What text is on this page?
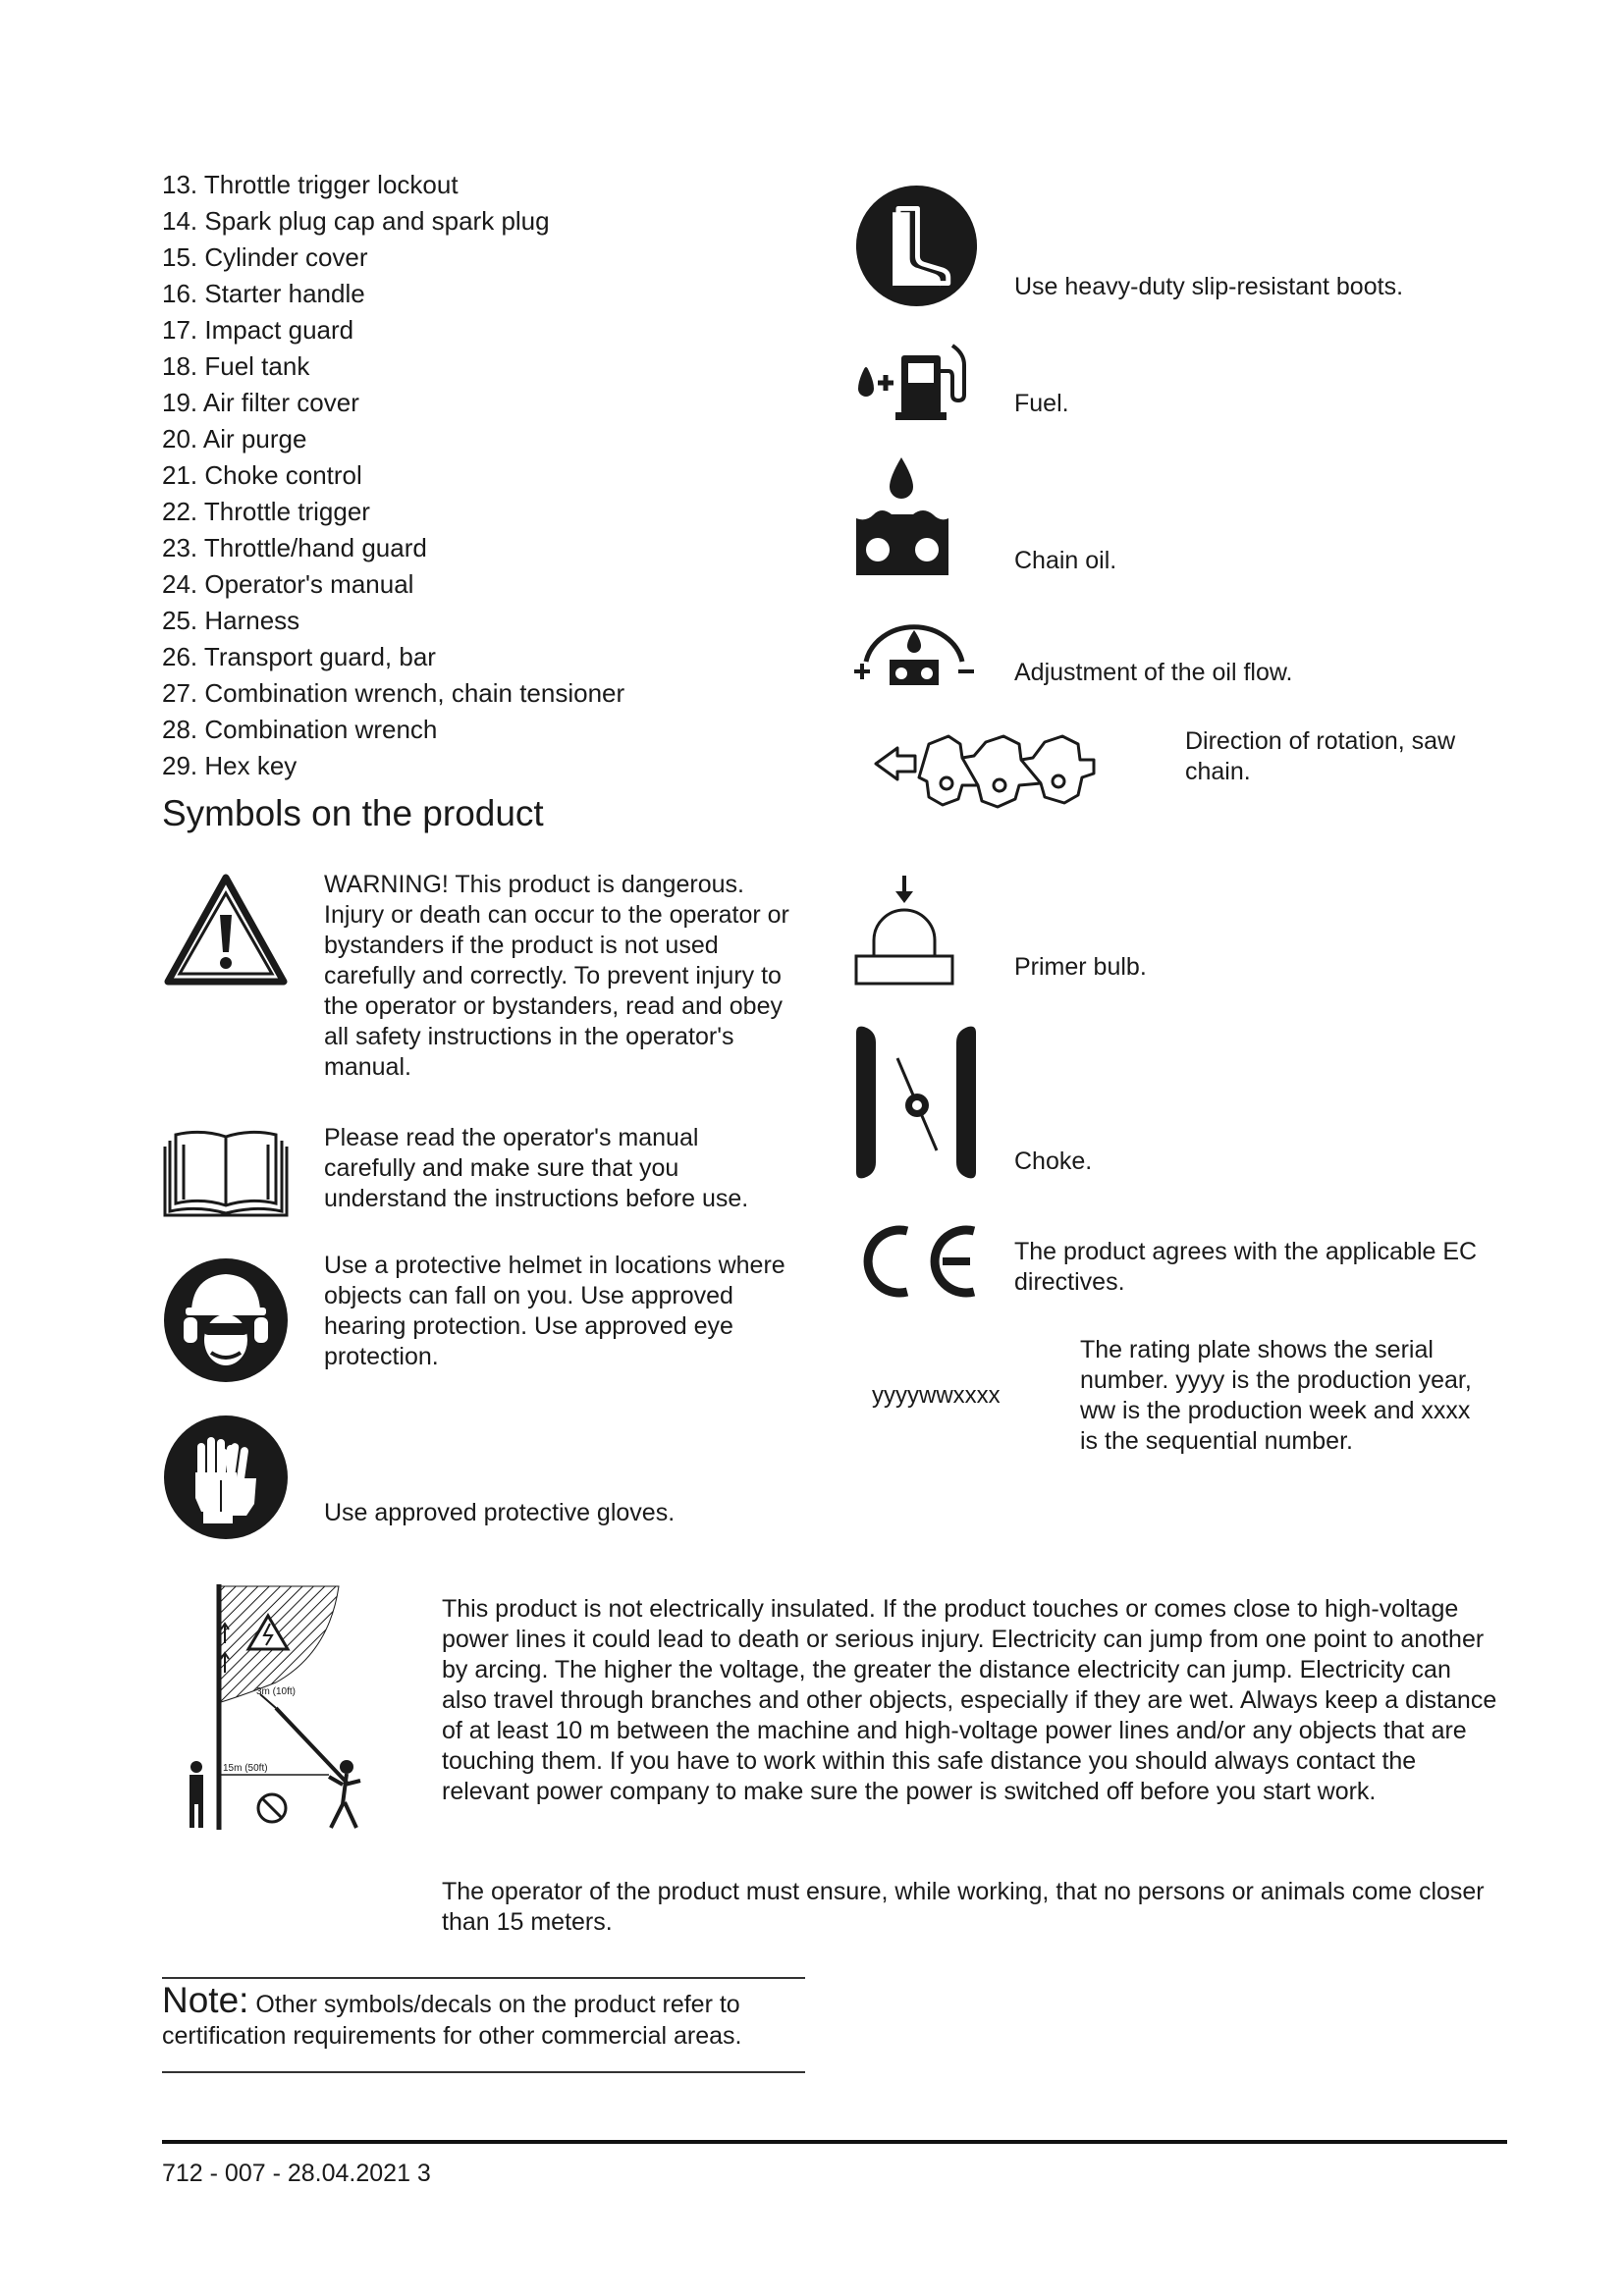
13. Throttle trigger lockout
14. Spark plug cap and spark plug
15. Cylinder cover
16. Starter handle
17. Impact guard
18. Fuel tank
19. Air filter cover
20. Air purge
21. Choke control
22. Throttle trigger
23. Throttle/hand guard
24. Operator's manual
25. Harness
26. Transport guard, bar
27. Combination wrench, chain tensioner
28. Combination wrench
29. Hex key
Symbols on the product
WARNING! This product is dangerous. Injury or death can occur to the operator or bystanders if the product is not used carefully and correctly. To prevent injury to the operator or bystanders, read and obey all safety instructions in the operator's manual.
Please read the operator's manual carefully and make sure that you understand the instructions before use.
Use a protective helmet in locations where objects can fall on you. Use approved hearing protection. Use approved eye protection.
Use approved protective gloves.
Use heavy-duty slip-resistant boots.
Fuel.
Chain oil.
Adjustment of the oil flow.
Direction of rotation, saw chain.
Primer bulb.
Choke.
The product agrees with the applicable EC directives.
yyyywwxxxx
The rating plate shows the serial number. yyyy is the production year, ww is the production week and xxxx is the sequential number.
3m (10ft)
15m (50ft)
This product is not electrically insulated. If the product touches or comes close to high-voltage power lines it could lead to death or serious injury. Electricity can jump from one point to another by arcing. The higher the voltage, the greater the distance electricity can jump. Electricity can also travel through branches and other objects, especially if they are wet. Always keep a distance of at least 10 m between the machine and high-voltage power lines and/or any objects that are touching them. If you have to work within this safe distance you should always contact the relevant power company to make sure the power is switched off before you start work.
The operator of the product must ensure, while working, that no persons or animals come closer than 15 meters.
Note: Other symbols/decals on the product refer to certification requirements for other commercial areas.
712 - 007 - 28.04.2021 3
